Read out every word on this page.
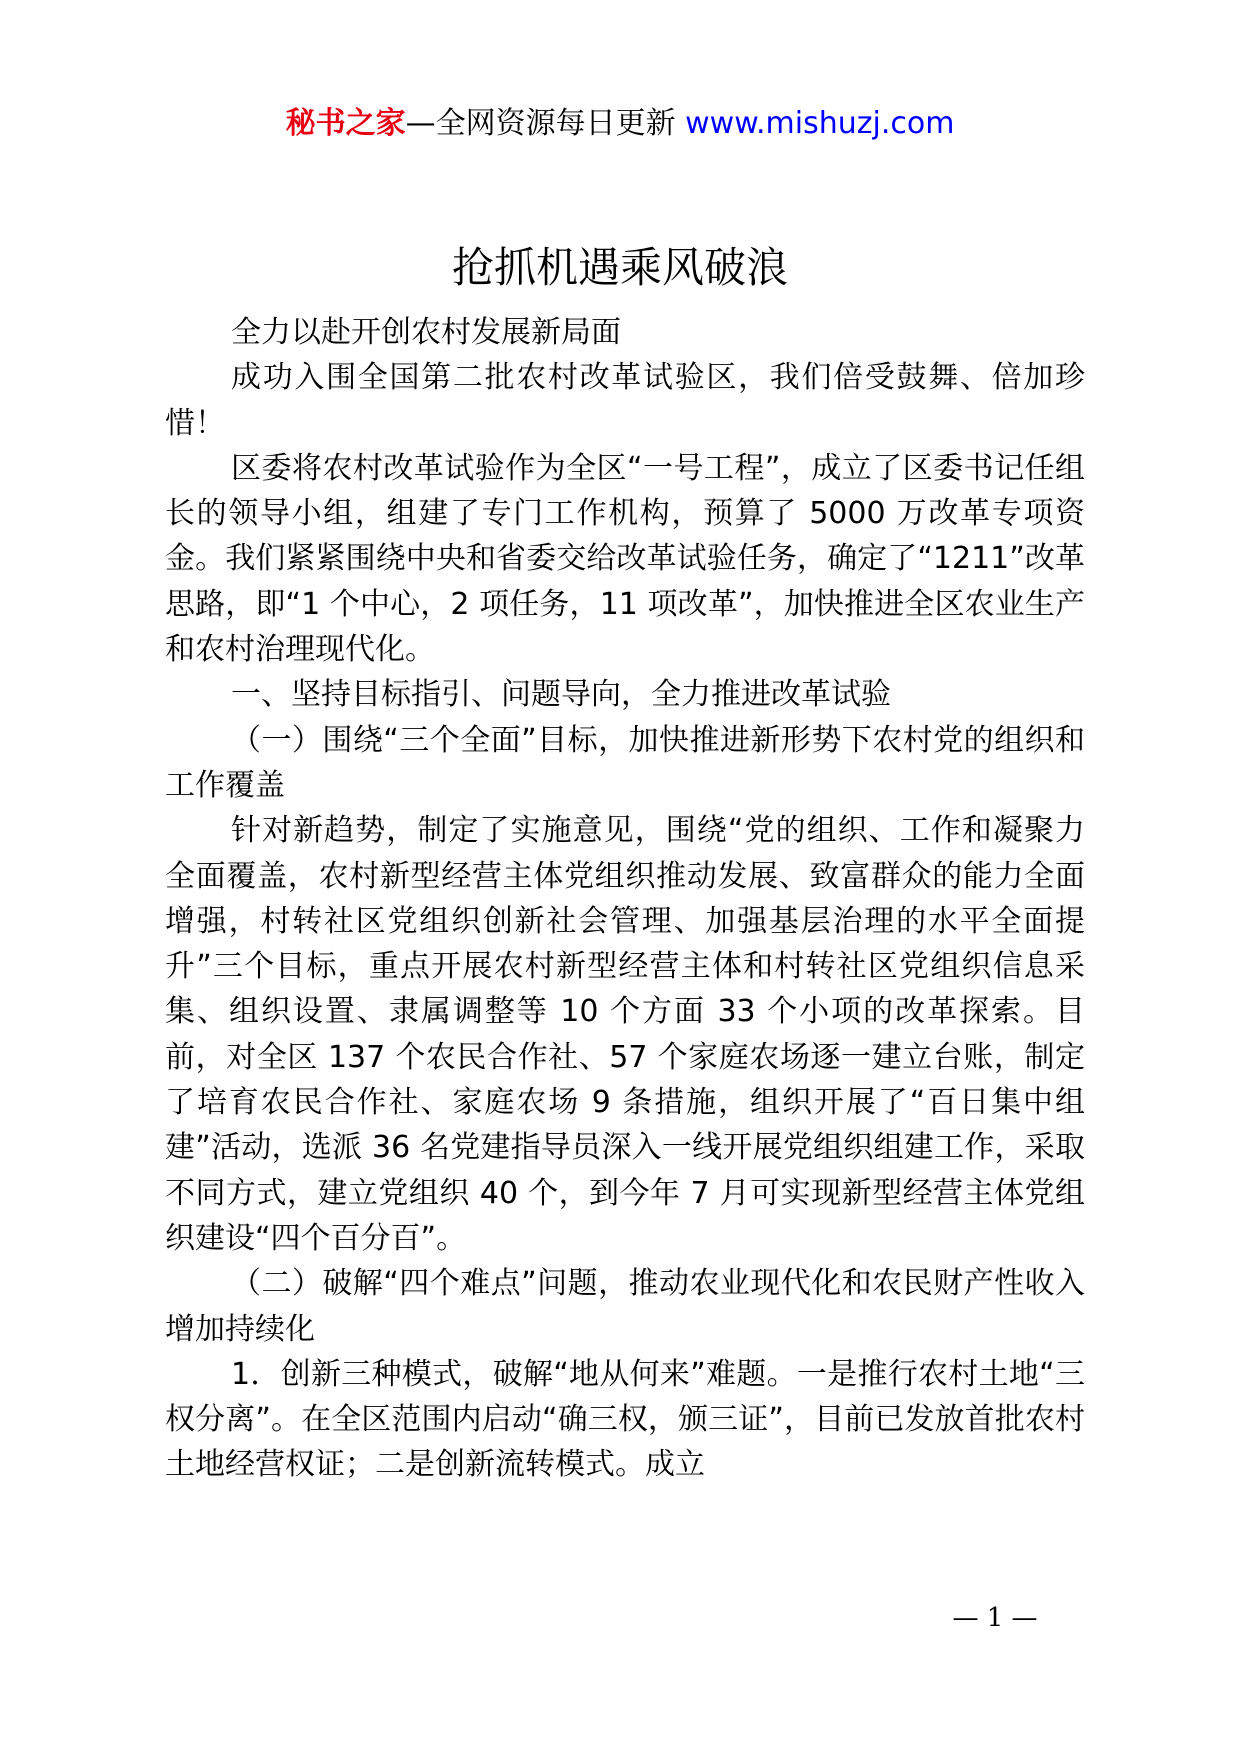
秘书之家—全网资源每日更新 www.mishuzj.com
抢抓机遇乘风破浪

全力以赴开创农村发展新局面

成功入围全国第二批农村改革试验区，我们倍受鼓舞、倍加珍惜！

区委将农村改革试验作为全区“一号工程”，成立了区委书记任组长的领导小组，组建了专门工作机构，预算了 5000 万改革专项资金。我们紧紧围绕中央和省委交给改革试验任务，确定了“1211”改革思路，即“1 个中心，2 项任务，11 项改革”，加快推进全区农业生产和农村治理现代化。

一、坚持目标指引、问题导向，全力推进改革试验

（一）围绕“三个全面”目标，加快推进新形势下农村党的组织和工作覆盖

针对新趋势，制定了实施意见，围绕“党的组织、工作和凝聚力全面覆盖，农村新型经营主体党组织推动发展、致富群众的能力全面增强，村转社区党组织创新社会管理、加强基层治理的水平全面提升”三个目标，重点开展农村新型经营主体和村转社区党组织信息采集、组织设置、隶属调整等 10 个方面 33 个小项的改革探索。目前，对全区 137 个农民合作社、57 个家庭农场逐一建立台账，制定了培育农民合作社、家庭农场 9 条措施，组织开展了“百日集中组建”活动，选派 36 名党建指导员深入一线开展党组织组建工作，采取不同方式，建立党组织 40 个，到今年 7 月可实现新型经营主体党组织建设“四个百分百”。

（二）破解“四个难点”问题，推动农业现代化和农民财产性收入增加持续化

1．创新三种模式，破解“地从何来”难题。一是推行农村土地“三权分离”。在全区范围内启动“确三权，颁三证”，目前已发放首批农村土地经营权证；二是创新流转模式。成立

— 1 —
